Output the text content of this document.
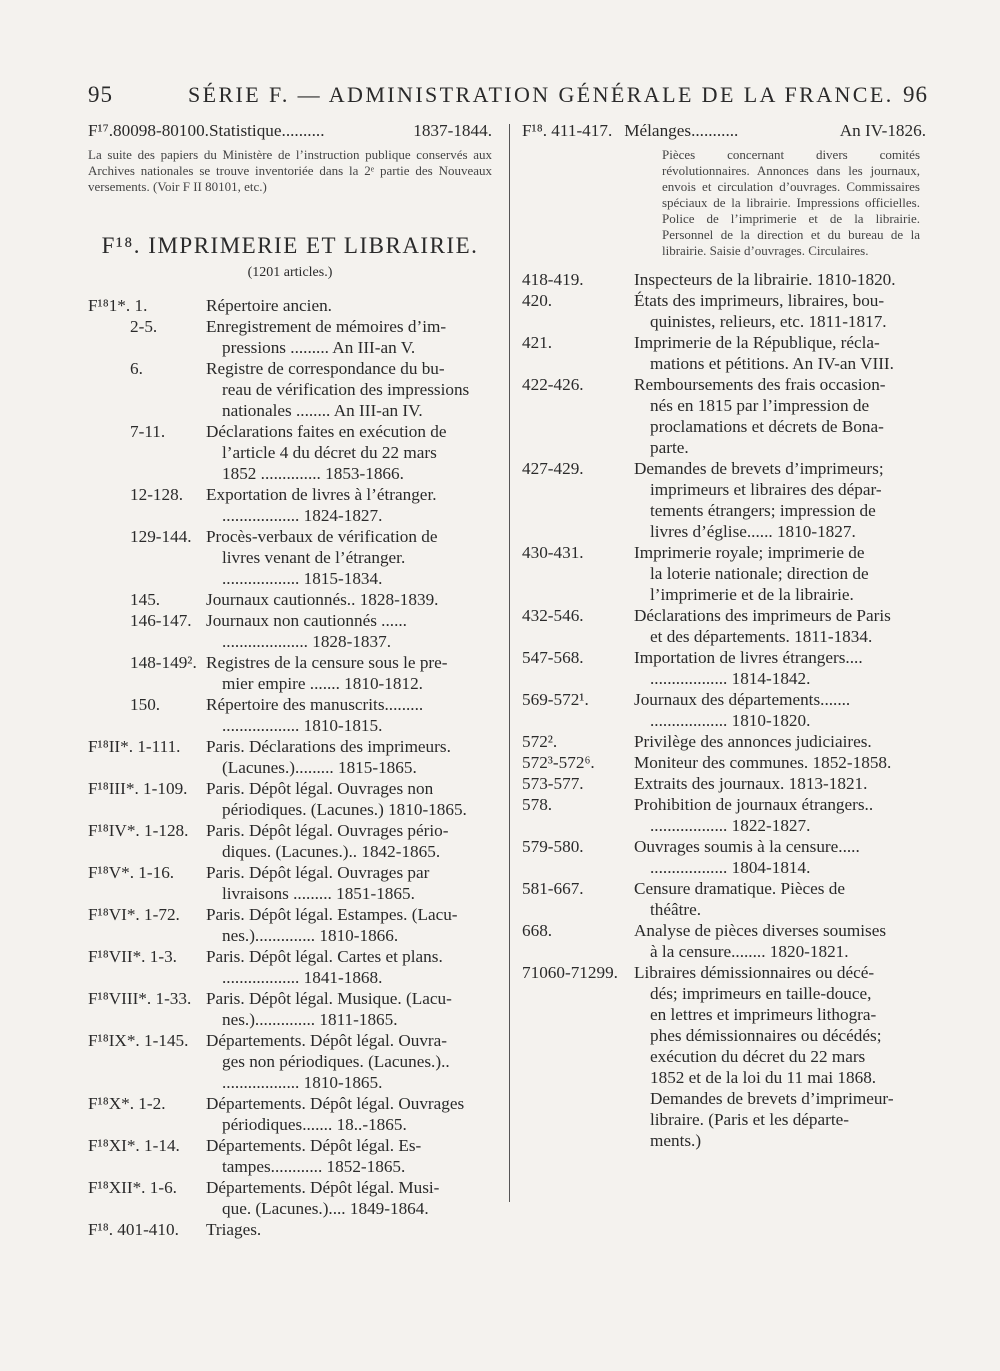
95	SÉRIE F. — ADMINISTRATION GÉNÉRALE DE LA FRANCE. 96
F¹⁷.80098-80100.Statistique..........	1837-1844.
La suite des papiers du Ministère de l’instruction publique conservés aux Archives nationales se trouve inventoriée dans la 2ᵉ partie des Nouveaux versements. (Voir F II 80101, etc.)
F¹⁸. IMPRIMERIE ET LIBRAIRIE.
(1201 articles.)
F¹⁸1*. 1.	Répertoire ancien.
2-5.	Enregistrement de mémoires d’im-
pressions ......... An III-an V.
6.	Registre de correspondance du bu-
reau de vérification des impressions
nationales ........ An III-an IV.
7-11.	Déclarations faites en exécution de
l’article 4 du décret du 22 mars
1852 .............. 1853-1866.
12-128.	Exportation de livres à l’étranger.
.................. 1824-1827.
129-144. Procès-verbaux de vérification de
livres venant de l’étranger.
.................. 1815-1834.
145.	Journaux cautionnés.. 1828-1839.
146-147. Journaux non cautionnés ......
.................... 1828-1837.
148-149². Registres de la censure sous le pre-
mier empire ....... 1810-1812.
150.	Répertoire des manuscrits.........
.................. 1810-1815.
F¹⁸II*. 1-111.	Paris. Déclarations des imprimeurs.
(Lacunes.)......... 1815-1865.
F¹⁸III*. 1-109.	Paris. Dépôt légal. Ouvrages non
périodiques. (Lacunes.) 1810-1865.
F¹⁸IV*. 1-128.	Paris. Dépôt légal. Ouvrages pério-
diques. (Lacunes.).. 1842-1865.
F¹⁸V*. 1-16.	Paris. Dépôt légal. Ouvrages par
livraisons ......... 1851-1865.
F¹⁸VI*. 1-72.	Paris. Dépôt légal. Estampes. (Lacu-
nes.).............. 1810-1866.
F¹⁸VII*. 1-3.	Paris. Dépôt légal. Cartes et plans.
.................. 1841-1868.
F¹⁸VIII*. 1-33. Paris. Dépôt légal. Musique. (Lacu-
nes.).............. 1811-1865.
F¹⁸IX*. 1-145.	Départements. Dépôt légal. Ouvra-
ges non périodiques. (Lacunes.)..
.................. 1810-1865.
F¹⁸X*. 1-2.	Départements. Dépôt légal. Ouvrages
périodiques....... 18..-1865.
F¹⁸XI*. 1-14.	Départements. Dépôt légal. Es-
tampes............ 1852-1865.
F¹⁸XII*. 1-6.	Départements. Dépôt légal. Musi-
que. (Lacunes.).... 1849-1864.
F¹⁸. 401-410.	Triages.
F¹⁸. 411-417. Mélanges...........	An IV-1826.
Pièces concernant divers comités révolutionnaires. Annonces dans les journaux, envois et circulation d’ouvrages. Commissaires spéciaux de la librairie. Impressions officielles. Police de l’imprimerie et de la librairie. Personnel de la direction et du bureau de la librairie. Saisie d’ouvrages. Circulaires.
418-419.	Inspecteurs de la librairie. 1810-1820.
420.	États des imprimeurs, libraires, bou-
quinistes, relieurs, etc. 1811-1817.
421.	Imprimerie de la République, récla-
mations et pétitions. An IV-an VIII.
422-426.	Remboursements des frais occasion-
nés en 1815 par l’impression de
proclamations et décrets de Bona-
parte.
427-429.	Demandes de brevets d’imprimeurs;
imprimeurs et libraires des dépar-
tements étrangers; impression de
livres d’église...... 1810-1827.
430-431.	Imprimerie royale; imprimerie de
la loterie nationale; direction de
l’imprimerie et de la librairie.
432-546.	Déclarations des imprimeurs de Paris
et des départements. 1811-1834.
547-568.	Importation de livres étrangers....
.................. 1814-1842.
569-572¹.	Journaux des départements.......
.................. 1810-1820.
572².	Privilège des annonces judiciaires.
572³-572⁶.	Moniteur des communes. 1852-1858.
573-577.	Extraits des journaux. 1813-1821.
578.	Prohibition de journaux étrangers..
.................. 1822-1827.
579-580.	Ouvrages soumis à la censure.....
.................. 1804-1814.
581-667.	Censure dramatique. Pièces de
théâtre.
668.	Analyse de pièces diverses soumises
à la censure........ 1820-1821.
71060-71299. Libraires démissionnaires ou décé-
dés; imprimeurs en taille-douce,
en lettres et imprimeurs lithogra-
phes démissionnaires ou décédés;
exécution du décret du 22 mars
1852 et de la loi du 11 mai 1868.
Demandes de brevets d’imprimeur-
libraire. (Paris et les départe-
ments.)
